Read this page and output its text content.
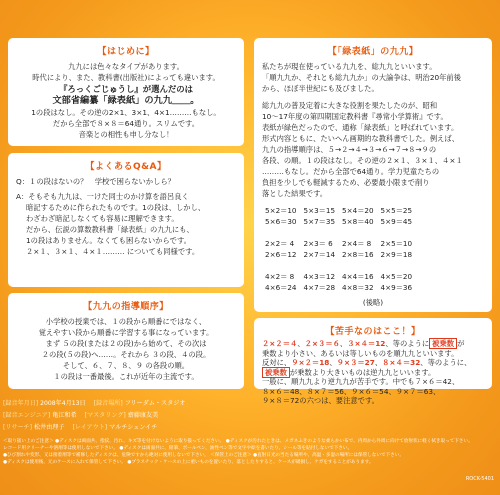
【はじめに】

九九には色々なタイプがあります。

時代により、また、教科書(出版社)によっても違います。

『ろっくごじゅうし』が選んだのは

文部省編纂「緑表紙」の九九＿＿。

1の段はなし。その逆の2×1、3×1、4×1………もなし。

だから全部で８×８＝64通り。スリムです。

音楽との相性も申し分なし！

【よくあるQ&A】

Q：１の段はないの？　学校で困らないかしら？

A：そもそも九九は、一けた同士のかけ算を語呂良く

暗記するために作られたものです。1の段は、しかし、

わざわざ暗記しなくても容易に理解できます。

だから、伝説の算数教科書「緑表紙」の九九にも、

1の段はありません。なくても困らないからです。

２×１、３×１、４×１……… についても同様です。

【九九の指導順序】

小学校の授業では、１の段から順番にではなく、

覚えやすい段から順番に学習する事になっています。

まず ５の段(または２の段)から始めて、その次は

２の段(５の段)へ……。それから ３の段、４の段。

そして、６、７、８、９ の各段の順。

１の段は一番最後。これが近年の主流です。

【「緑表紙」の九九】

私たちが現在使っている九九を、総九九といいます。

「順九九か、それとも総九九か」の大論争は、明治20年前後

から、ほぼ半世紀にも及びました。

総九九の普及定着に大きな役割を果たしたのが、昭和

10～17年度の第四期国定教科書『尋常小学算術』です。

表紙が緑色だったので、通称「緑表紙」と呼ばれています。

形式内容ともに、たいへん画期的な教科書でした。例えば、

九九の指導順序は、５→２→４→３→６→７→８→９の

各段、の順。１の段はなし。その逆の２×１、３×１、４×１

………もなし。だから全部で64通り。学力児童たちの

負担を少しでも軽減するため、必要最小限まで削り

落とした結果です。

5×2＝10	5×3＝15	5×4＝20	5×5＝25
5×6＝30	5×7＝35	5×8＝40	5×9＝45

2×2＝ 4	2×3＝ 6	2×4＝ 8	2×5＝10
2×6＝12	2×7＝14	2×8＝16	2×9＝18

4×2＝ 8	4×3＝12	4×4＝16	4×5＝20
4×6＝24	4×7＝28	4×8＝32	4×9＝36

(後略)

【苦手なのはここ！】

２×２＝４、２×３＝６、３×４＝12、等のように 被乗数 が

乗数より小さい、あるいは等しいものを順九九といいます。

反対に、９×２＝18、９×３＝27、８×４＝32、等のように、

被乗数 が乗数より大きいものは逆九九といいます。

一般に、順九九より逆九九が苦手です。中でも７×６＝42、

８×６＝48、８×７＝56、９×６＝54、９×７＝63、

９×８＝72の六つは、要注意です。

[録音年月日] 2008年4月13日　 [録音場所] フリーダム・スタジオ
[録音エンジニア] 亀江和希　 [マスタリング] 齋藤康友美
[リサーチ] 松井由理子　 [レイアウト] マルチシュンイチ
＜取り扱い上のご注意＞ ●ディスクは両面共、指紋、汚れ、キズ等を付けないように取り扱ってください。 ●ディスクが汚れたときは、メガネふきのような柔らかい布で、内周から外周に向けて放射状に軽く拭き取って下さい。
レコード用クリーナーや溶剤等は使用しないで下さい。 ●ディスクは両面共に、鉛筆、ボールペン、油性ペン等で文字や絵を書いたり、シール等を貼付しないで下さい。
●ひび割れや変形、又は接着剤等で補修したディスクは、危険ですから絶対に使用しないで下さい。 ＜保管上のご注意＞ ●直射日光の当たる場所や、高温・多湿の場所には保管しないで下さい。
●ディスクは使用後、元のケースに入れて保管して下さい。 ●プラスチック・ケースの上に重いものを置いたり、落としたりすると、ケースが破損し、ケガをすることがあります。
ROCK-5401
